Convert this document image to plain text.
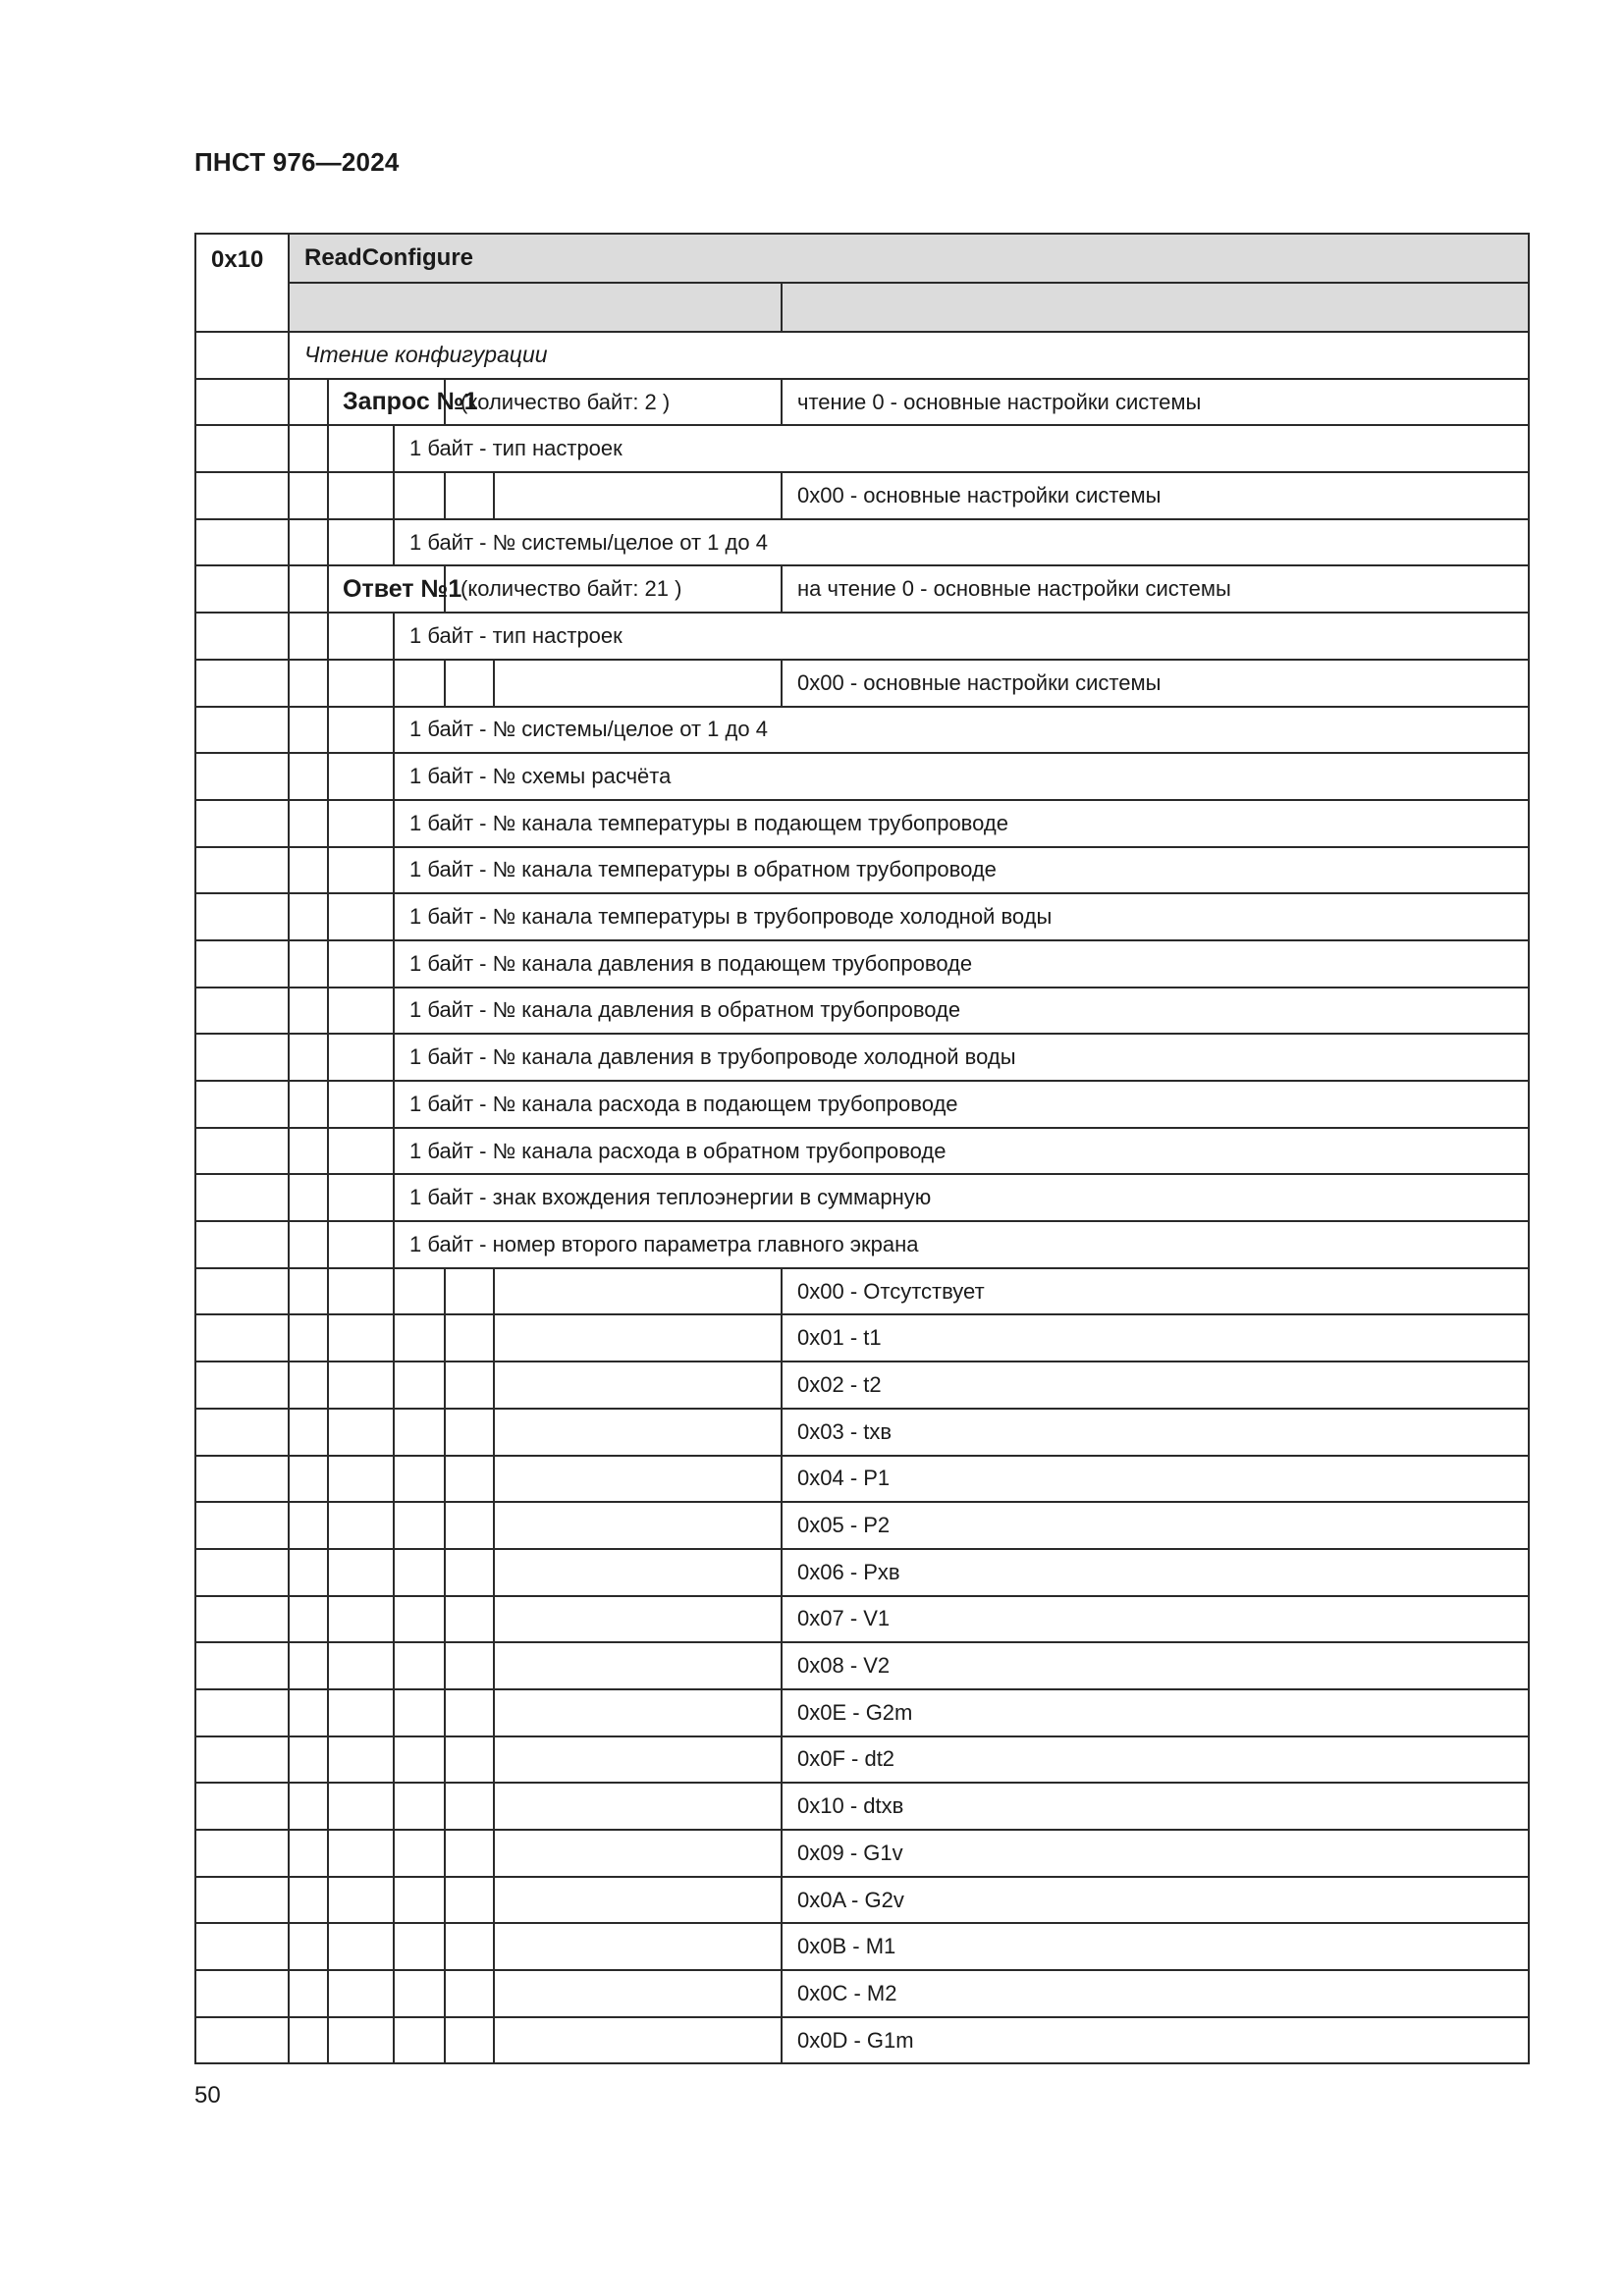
ПНСТ 976—2024
0x10	ReadConfigure					

	Чтение конфигурации					
		Запрос №1		(количество байт: 2 )		чтение 0 - основные настройки системы
			1 байт - тип настроек			
						0x00 - основные настройки системы
			1 байт - № системы/целое от 1 до 4			
		Ответ №1		(количество байт: 21 )		на чтение 0 - основные настройки системы
			1 байт - тип настроек			
						0x00 - основные настройки системы
			1 байт - № системы/целое от 1 до 4			
			1 байт - № схемы расчёта			
			1 байт - № канала температуры в подающем трубопроводе			
			1 байт - № канала температуры в обратном трубопроводе			
			1 байт - № канала температуры в трубопроводе холодной воды			
			1 байт - № канала давления в подающем трубопроводе			
			1 байт - № канала давления в обратном трубопроводе			
			1 байт - № канала давления в трубопроводе холодной воды			
			1 байт - № канала расхода в подающем трубопроводе			
			1 байт - № канала расхода в обратном трубопроводе			
			1 байт - знак вхождения теплоэнергии в суммарную			
			1 байт - номер второго параметра главного экрана			
						0x00 - Отсутствует
						0x01 - t1
						0x02 - t2
						0x03 - tхв
						0x04 - P1
						0x05 - P2
						0x06 - Pхв
						0x07 - V1
						0x08 - V2
						0x0E - G2m
						0x0F - dt2
						0x10 - dtхв
						0x09 - G1v
						0x0A - G2v
						0x0B - M1
						0x0C - M2
						0x0D - G1m
50
